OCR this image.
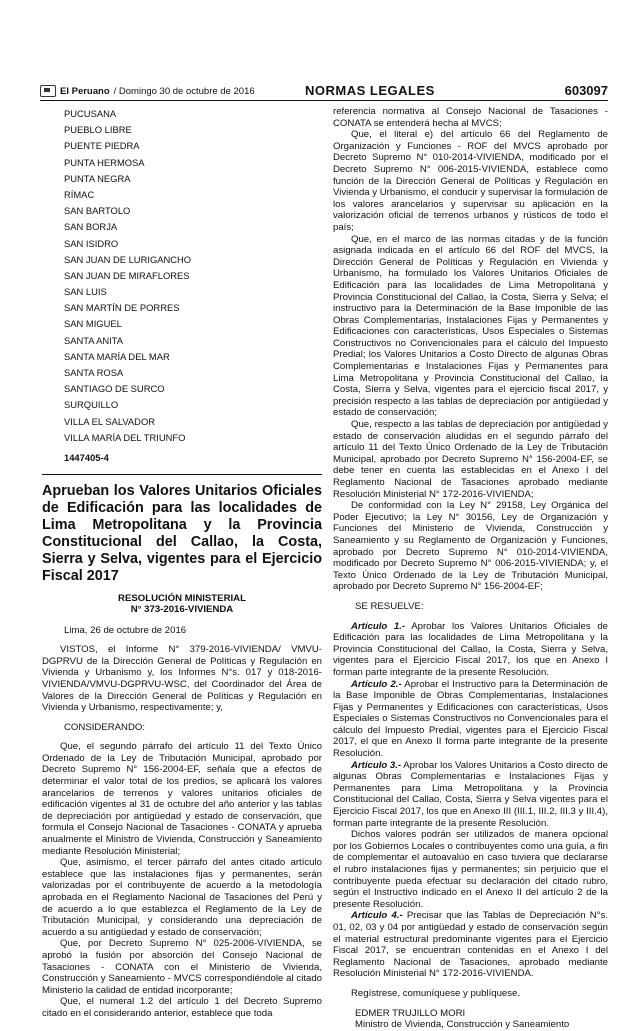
El Peruano / Domingo 30 de octubre de 2016	NORMAS LEGALES	603097
PUCUSANA
PUEBLO LIBRE
PUENTE PIEDRA
PUNTA HERMOSA
PUNTA NEGRA
RÍMAC
SAN BARTOLO
SAN BORJA
SAN ISIDRO
SAN JUAN DE LURIGANCHO
SAN JUAN DE MIRAFLORES
SAN LUIS
SAN MARTÍN DE PORRES
SAN MIGUEL
SANTA ANITA
SANTA MARÍA DEL MAR
SANTA ROSA
SANTIAGO DE SURCO
SURQUILLO
VILLA EL SALVADOR
VILLA MARÍA DEL TRIUNFO
1447405-4
Aprueban los Valores Unitarios Oficiales de Edificación para las localidades de Lima Metropolitana y la Provincia Constitucional del Callao, la Costa, Sierra y Selva, vigentes para el Ejercicio Fiscal 2017
RESOLUCIÓN MINISTERIAL
N° 373-2016-VIVIENDA
Lima, 26 de octubre de 2016

VISTOS, el Informe N° 379-2016-VIVIENDA/ VMVU-DGPRVU de la Dirección General de Políticas y Regulación en Vivienda y Urbanismo y, los Informes N°s. 017 y 018-2016-VIVIENDA/VMVU-DGPRVU-WSC, del Coordinador del Área de Valores de la Dirección General de Políticas y Regulación en Vivienda y Urbanismo, respectivamente; y,

CONSIDERANDO:

Que, el segundo párrafo del artículo 11 del Texto Único Ordenado de la Ley de Tributación Municipal, aprobado por Decreto Supremo N° 156-2004-EF, señala que a efectos de determinar el valor total de los predios, se aplicará los valores arancelarios de terrenos y valores unitarios oficiales de edificación vigentes al 31 de octubre del año anterior y las tablas de depreciación por antigüedad y estado de conservación, que formula el Consejo Nacional de Tasaciones - CONATA y aprueba anualmente el Ministro de Vivienda, Construcción y Saneamiento mediante Resolución Ministerial;

Que, asimismo, el tercer párrafo del antes citado artículo establece que las instalaciones fijas y permanentes, serán valorizadas por el contribuyente de acuerdo a la metodología aprobada en el Reglamento Nacional de Tasaciones del Perú y de acuerdo a lo que establezca el Reglamento de la Ley de Tributación Municipal, y considerando una depreciación de acuerdo a su antigüedad y estado de conservación;

Que, por Decreto Supremo N° 025-2006-VIVIENDA, se aprobó la fusión por absorción del Consejo Nacional de Tasaciones - CONATA con el Ministerio de Vivienda, Construcción y Saneamiento - MVCS correspondiéndole al citado Ministerio la calidad de entidad incorporante;

Que, el numeral 1.2 del artículo 1 del Decreto Supremo citado en el considerando anterior, establece que toda

referencia normativa al Consejo Nacional de Tasaciones - CONATA se entenderá hecha al MVCS;

Que, el literal e) del artículo 66 del Reglamento de Organización y Funciones - ROF del MVCS aprobado por Decreto Supremo N° 010-2014-VIVIENDA, modificado por el Decreto Supremo N° 006-2015-VIVIENDA, establece como función de la Dirección General de Políticas y Regulación en Vivienda y Urbanismo, el conducir y supervisar la formulación de los valores arancelarios y supervisar su aplicación en la valorización oficial de terrenos urbanos y rústicos de todo el país;

Que, en el marco de las normas citadas y de la función asignada indicada en el artículo 66 del ROF del MVCS, la Dirección General de Políticas y Regulación en Vivienda y Urbanismo, ha formulado los Valores Unitarios Oficiales de Edificación para las localidades de Lima Metropolitana y Provincia Constitucional del Callao, la Costa, Sierra y Selva; el instructivo para la Determinación de la Base Imponible de las Obras Complementarias, Instalaciones Fijas y Permanentes y Edificaciones con características, Usos Especiales o Sistemas Constructivos no Convencionales para el cálculo del Impuesto Predial; los Valores Unitarios a Costo Directo de algunas Obras Complementarias e Instalaciones Fijas y Permanentes para Lima Metropolitana y Provincia Constitucional del Callao, la Costa, Sierra y Selva, vigentes para el ejercicio fiscal 2017, y precisión respecto a las tablas de depreciación por antigüedad y estado de conservación;

Que, respecto a las tablas de depreciación por antigüedad y estado de conservación aludidas en el segundo párrafo del artículo 11 del Texto Único Ordenado de la Ley de Tributación Municipal, aprobado por Decreto Supremo N° 156-2004-EF, se debe tener en cuenta las establecidas en el Anexo I del Reglamento Nacional de Tasaciones aprobado mediante Resolución Ministerial N° 172-2016-VIVIENDA;

De conformidad con la Ley N° 29158, Ley Orgánica del Poder Ejecutivo; la Ley N° 30156, Ley de Organización y Funciones del Ministerio de Vivienda, Construcción y Saneamiento y su Reglamento de Organización y Funciones, aprobado por Decreto Supremo N° 010-2014-VIVIENDA, modificado por Decreto Supremo N° 006-2015-VIVIENDA; y, el Texto Único Ordenado de la Ley de Tributación Municipal, aprobado por Decreto Supremo N° 156-2004-EF;

SE RESUELVE:

Artículo 1.- Aprobar los Valores Unitarios Oficiales de Edificación para las localidades de Lima Metropolitana y la Provincia Constitucional del Callao, la Costa, Sierra y Selva, vigentes para el Ejercicio Fiscal 2017, los que en Anexo I forman parte integrante de la presente Resolución.

Artículo 2.- Aprobar el Instructivo para la Determinación de la Base Imponible de Obras Complementarias, Instalaciones Fijas y Permanentes y Edificaciones con características, Usos Especiales o Sistemas Constructivos no Convencionales para el cálculo del Impuesto Predial, vigentes para el Ejercicio Fiscal 2017, el que en Anexo II forma parte integrante de la presente Resolución.

Artículo 3.- Aprobar los Valores Unitarios a Costo directo de algunas Obras Complementarias e Instalaciones Fijas y Permanentes para Lima Metropolitana y la Provincia Constitucional del Callao, Costa, Sierra y Selva vigentes para el Ejercicio Fiscal 2017, los que en Anexo III (III.1, III.2, III.3 y III.4), forman parte integrante de la presente Resolución.

Dichos valores podrán ser utilizados de manera opcional por los Gobiernos Locales o contribuyentes como una guía, a fin de complementar el autoavalúo en caso tuviera que declararse el rubro instalaciones fijas y permanentes; sin perjuicio que el contribuyente pueda efectuar su declaración del citado rubro, según el Instructivo indicado en el Anexo II del artículo 2 de la presente Resolución.

Artículo 4.- Precisar que las Tablas de Depreciación N°s. 01, 02, 03 y 04 por antigüedad y estado de conservación según el material estructural predominante vigentes para el Ejercicio Fiscal 2017, se encuentran contenidas en el Anexo I del Reglamento Nacional de Tasaciones, aprobado mediante Resolución Ministerial N° 172-2016-VIVIENDA.

Regístrese, comuníquese y publíquese.

EDMER TRUJILLO MORI
Ministro de Vivienda, Construcción y Saneamiento
